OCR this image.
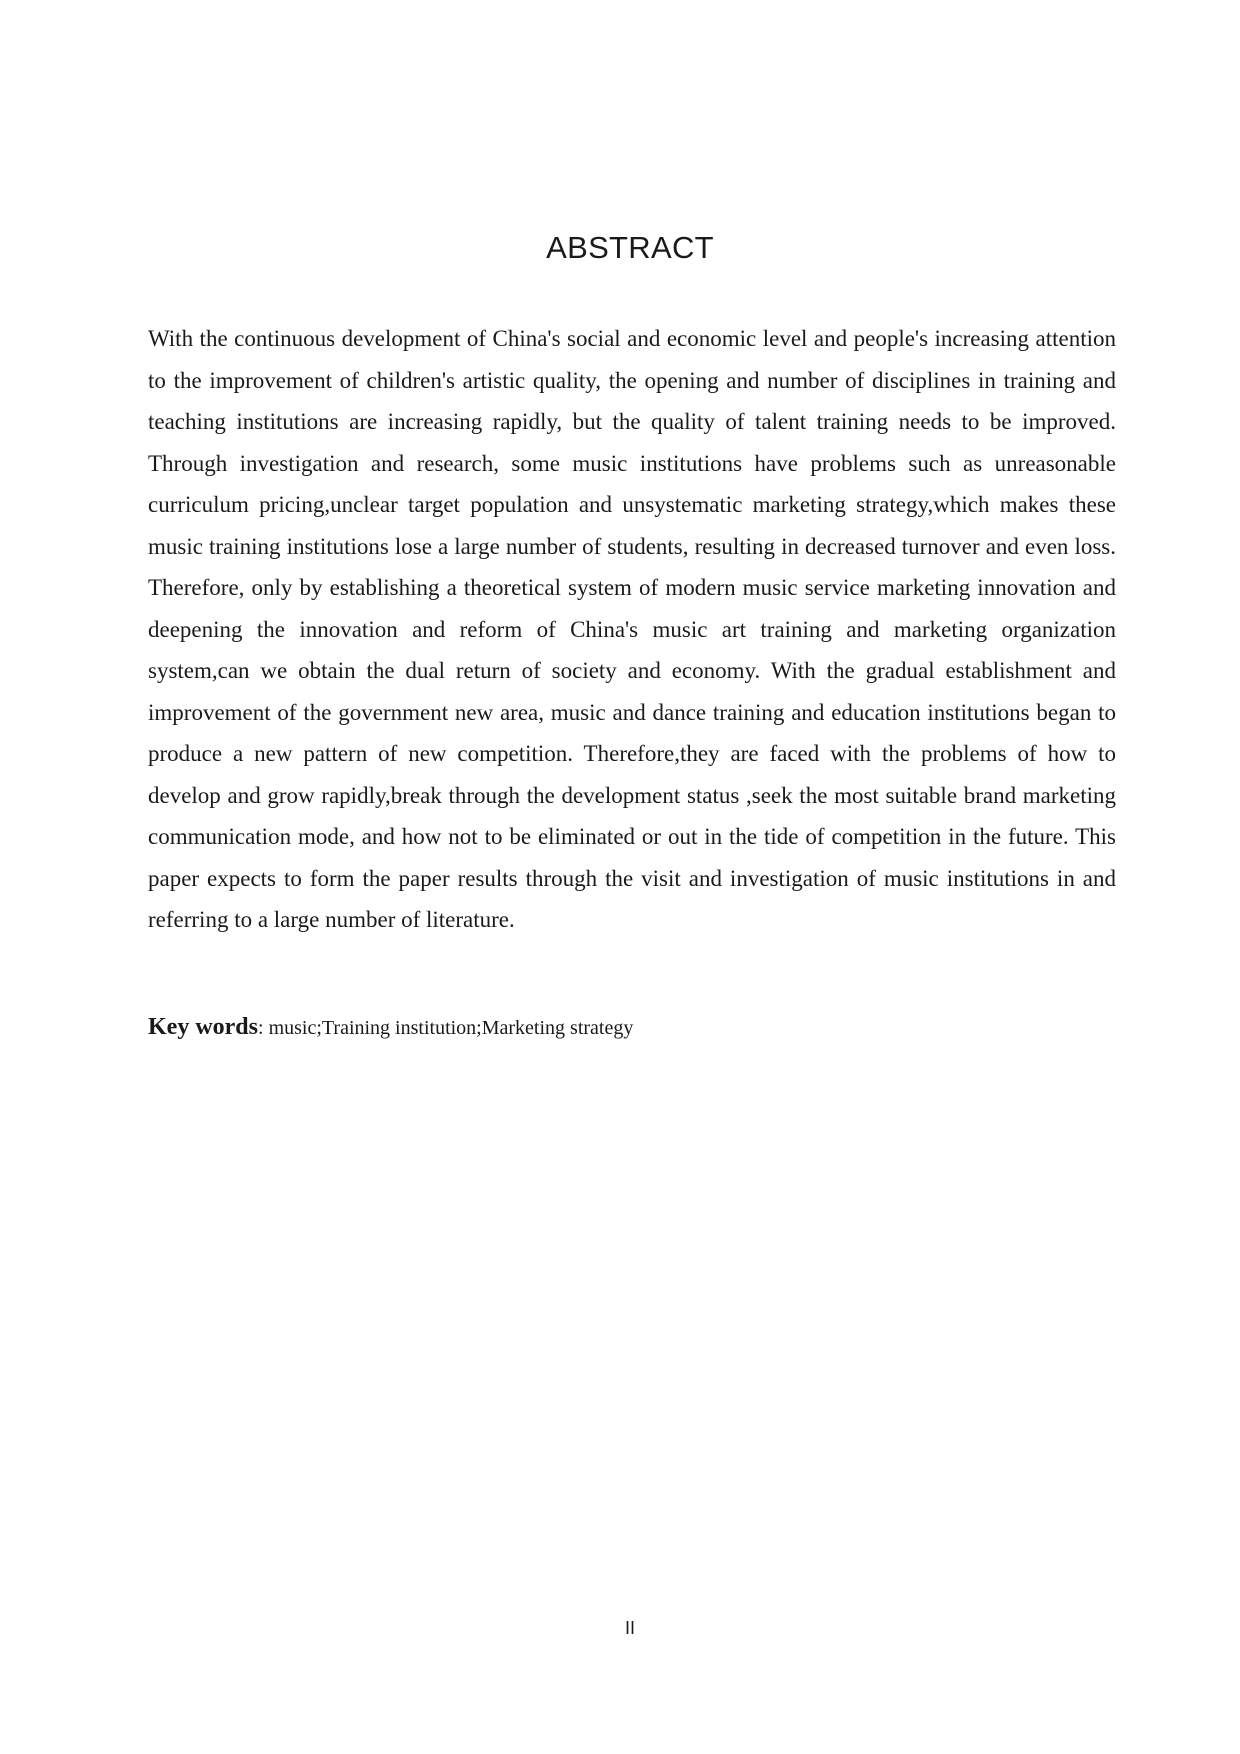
ABSTRACT

With the continuous development of China's social and economic level and people's increasing attention to the improvement of children's artistic quality, the opening and number of disciplines in training and teaching institutions are increasing rapidly, but the quality of talent training needs to be improved. Through investigation and research, some music institutions have problems such as unreasonable curriculum pricing,unclear target population and unsystematic marketing strategy,which makes these music training institutions lose a large number of students, resulting in decreased turnover and even loss. Therefore, only by establishing a theoretical system of modern music service marketing innovation and deepening the innovation and reform of China's music art training and marketing organization system,can we obtain the dual return of society and economy. With the gradual establishment and improvement of the government new area, music and dance training and education institutions began to produce a new pattern of new competition. Therefore,they are faced with the problems of how to develop and grow rapidly,break through the development status ,seek the most suitable brand marketing communication mode, and how not to be eliminated or out in the tide of competition in the future. This paper expects to form the paper results through the visit and investigation of music institutions in and referring to a large number of literature.

Key words: music;Training institution;Marketing strategy

II
